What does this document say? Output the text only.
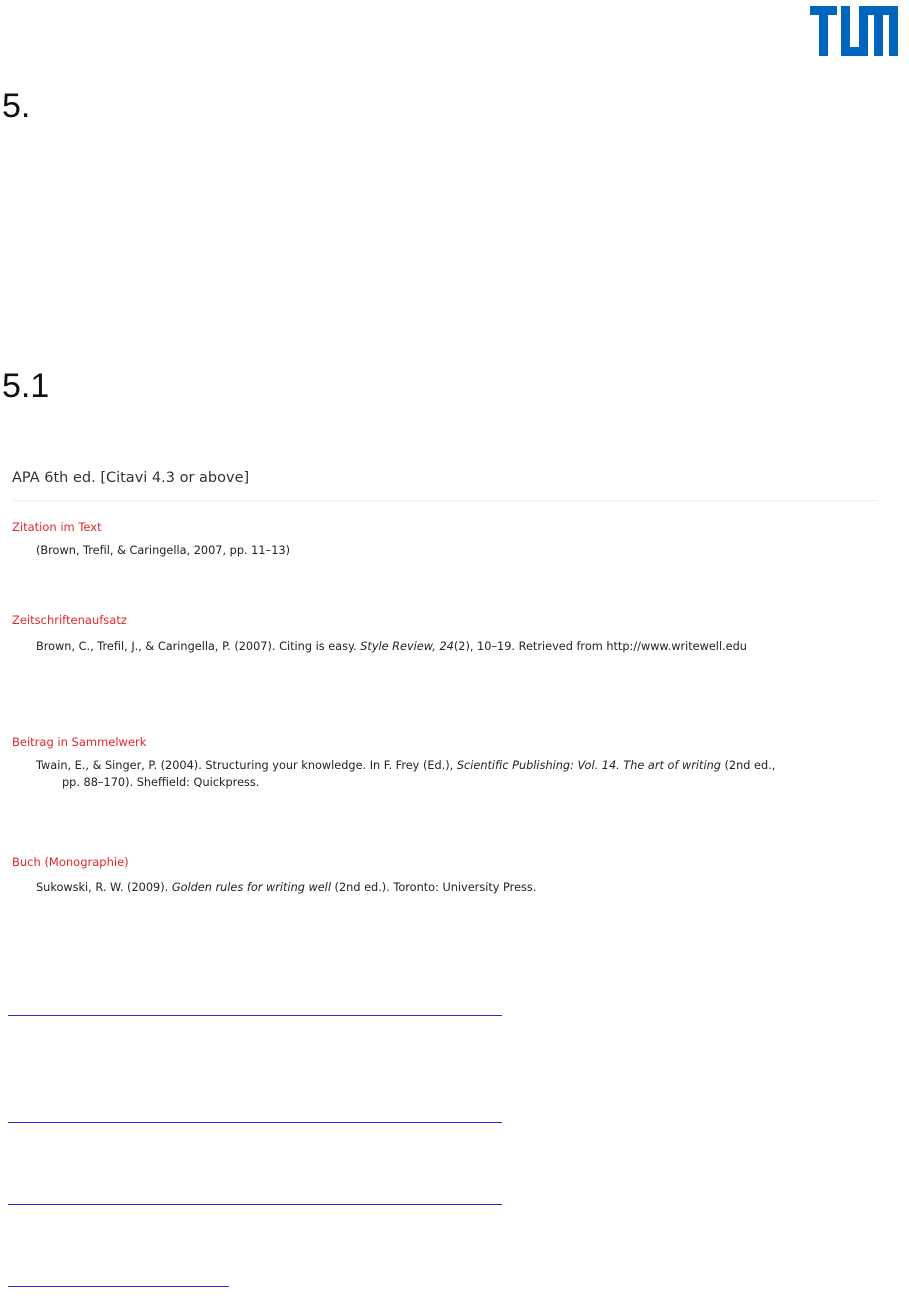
5.
5.1
APA 6th ed. [Citavi 4.3 or above]
Zitation im Text
(Brown, Trefil, & Caringella, 2007, pp. 11–13)
Zeitschriftenaufsatz
Brown, C., Trefil, J., & Caringella, P. (2007). Citing is easy. Style Review, 24(2), 10–19. Retrieved from http://www.writewell.edu
Beitrag in Sammelwerk
Twain, E., & Singer, P. (2004). Structuring your knowledge. In F. Frey (Ed.), Scientific Publishing: Vol. 14. The art of writing (2nd ed.,
pp. 88–170). Sheffield: Quickpress.
Buch (Monographie)
Sukowski, R. W. (2009). Golden rules for writing well (2nd ed.). Toronto: University Press.
